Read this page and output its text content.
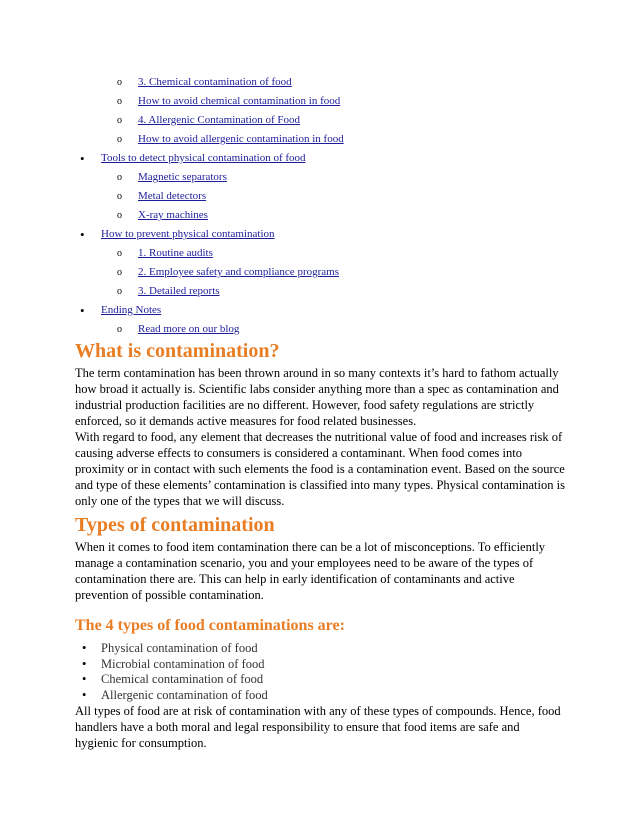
o 3. Chemical contamination of food
o How to avoid chemical contamination in food
o 4. Allergenic Contamination of Food
o How to avoid allergenic contamination in food
• Tools to detect physical contamination of food
o Magnetic separators
o Metal detectors
o X-ray machines
• How to prevent physical contamination
o 1. Routine audits
o 2. Employee safety and compliance programs
o 3. Detailed reports
• Ending Notes
o Read more on our blog
What is contamination?

The term contamination has been thrown around in so many contexts it’s hard to fathom actually how broad it actually is. Scientific labs consider anything more than a spec as contamination and industrial production facilities are no different. However, food safety regulations are strictly enforced, so it demands active measures for food related businesses.

With regard to food, any element that decreases the nutritional value of food and increases risk of causing adverse effects to consumers is considered a contaminant. When food comes into proximity or in contact with such elements the food is a contamination event. Based on the source and type of these elements’ contamination is classified into many types. Physical contamination is only one of the types that we will discuss.

Types of contamination

When it comes to food item contamination there can be a lot of misconceptions. To efficiently manage a contamination scenario, you and your employees need to be aware of the types of contamination there are. This can help in early identification of contaminants and active prevention of possible contamination.

The 4 types of food contaminations are:
• Physical contamination of food
• Microbial contamination of food
• Chemical contamination of food
• Allergenic contamination of food

All types of food are at risk of contamination with any of these types of compounds. Hence, food handlers have a both moral and legal responsibility to ensure that food items are safe and hygienic for consumption.
